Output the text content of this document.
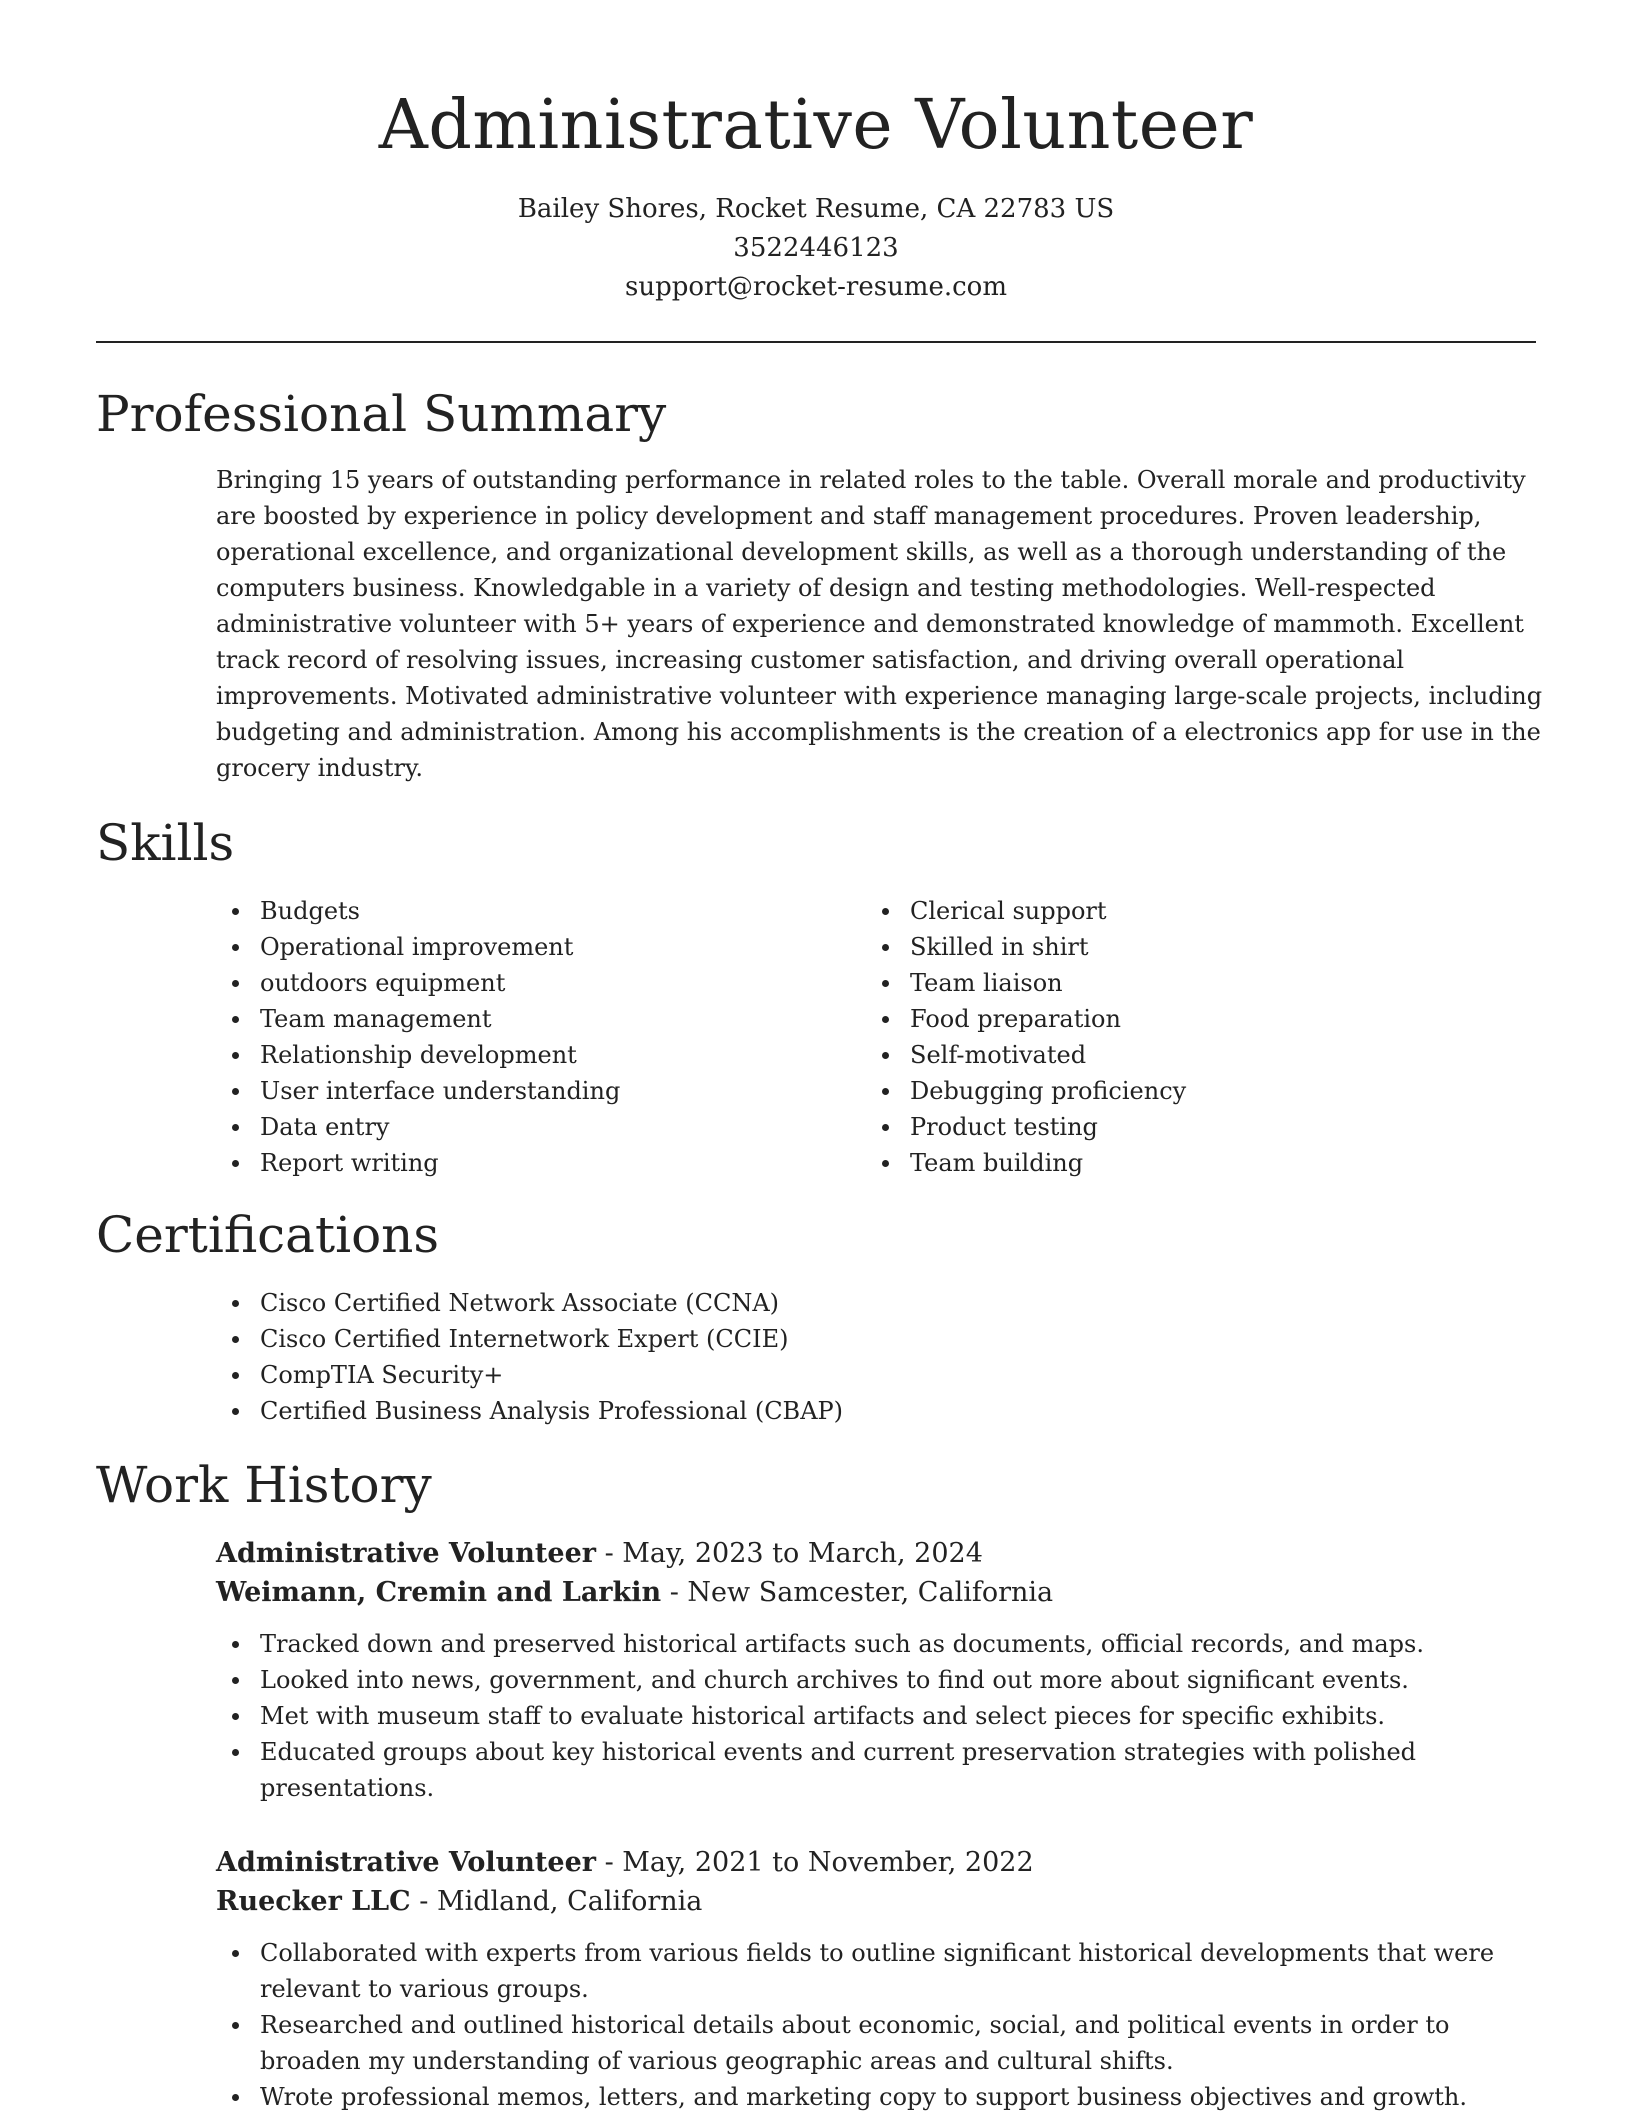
Administrative Volunteer
Bailey Shores, Rocket Resume, CA 22783 US
3522446123
support@rocket-resume.com
Professional Summary

Bringing 15 years of outstanding performance in related roles to the table. Overall morale and productivity are boosted by experience in policy development and staff management procedures. Proven leadership, operational excellence, and organizational development skills, as well as a thorough understanding of the computers business. Knowledgable in a variety of design and testing methodologies. Well-respected administrative volunteer with 5+ years of experience and demonstrated knowledge of mammoth. Excellent track record of resolving issues, increasing customer satisfaction, and driving overall operational improvements. Motivated administrative volunteer with experience managing large-scale projects, including budgeting and administration. Among his accomplishments is the creation of a electronics app for use in the grocery industry.

Skills
Budgets
Operational improvement
outdoors equipment
Team management
Relationship development
User interface understanding
Data entry
Report writing
Clerical support
Skilled in shirt
Team liaison
Food preparation
Self-motivated
Debugging proficiency
Product testing
Team building
Certifications
Cisco Certified Network Associate (CCNA)
Cisco Certified Internetwork Expert (CCIE)
CompTIA Security+
Certified Business Analysis Professional (CBAP)
Work History
Administrative Volunteer - May, 2023 to March, 2024
Weimann, Cremin and Larkin - New Samcester, California
Tracked down and preserved historical artifacts such as documents, official records, and maps.
Looked into news, government, and church archives to find out more about significant events.
Met with museum staff to evaluate historical artifacts and select pieces for specific exhibits.
Educated groups about key historical events and current preservation strategies with polished presentations.
Administrative Volunteer - May, 2021 to November, 2022
Ruecker LLC - Midland, California
Collaborated with experts from various fields to outline significant historical developments that were relevant to various groups.
Researched and outlined historical details about economic, social, and political events in order to broaden my understanding of various geographic areas and cultural shifts.
Wrote professional memos, letters, and marketing copy to support business objectives and growth.
